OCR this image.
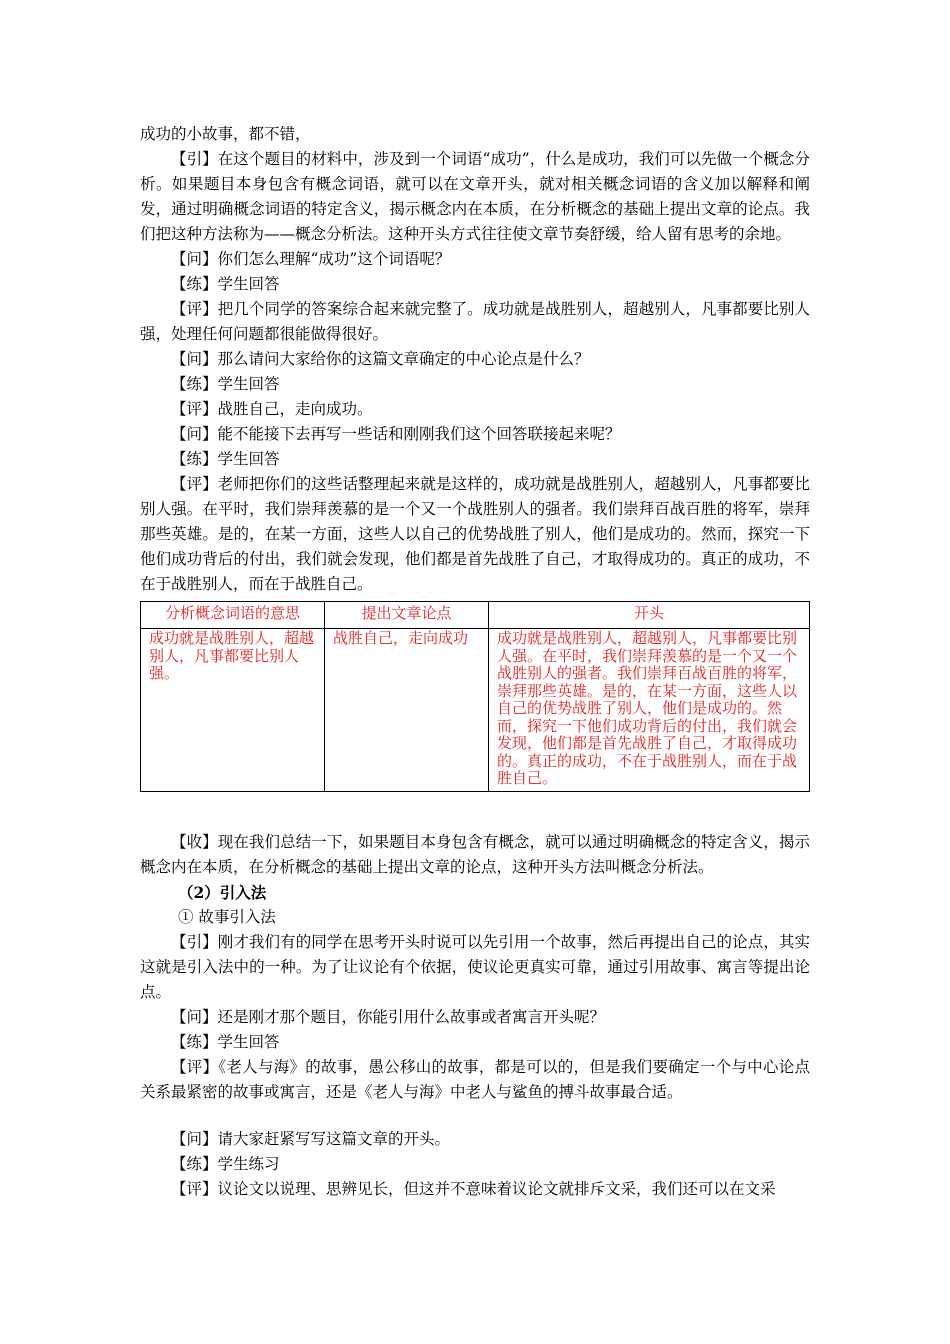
成功的小故事，都不错，

【引】在这个题目的材料中，涉及到一个词语“成功”，什么是成功，我们可以先做一个概念分析。如果题目本身包含有概念词语，就可以在文章开头，就对相关概念词语的含义加以解释和阐发，通过明确概念词语的特定含义，揭示概念内在本质，在分析概念的基础上提出文章的论点。我们把这种方法称为——概念分析法。这种开头方式往往使文章节奏舒缓，给人留有思考的余地。

【问】你们怎么理解“成功”这个词语呢？

【练】学生回答

【评】把几个同学的答案综合起来就完整了。成功就是战胜别人，超越别人，凡事都要比别人强，处理任何问题都很能做得很好。

【问】那么请问大家给你的这篇文章确定的中心论点是什么？

【练】学生回答

【评】战胜自己，走向成功。

【问】能不能接下去再写一些话和刚刚我们这个回答联接起来呢？

【练】学生回答

【评】老师把你们的这些话整理起来就是这样的，成功就是战胜别人，超越别人，凡事都要比别人强。在平时，我们崇拜羡慕的是一个又一个战胜别人的强者。我们崇拜百战百胜的将军，崇拜那些英雄。是的，在某一方面，这些人以自己的优势战胜了别人，他们是成功的。然而，探究一下他们成功背后的付出，我们就会发现，他们都是首先战胜了自己，才取得成功的。真正的成功，不在于战胜别人，而在于战胜自己。

分析概念词语的意思	提出文章论点	开头
成功就是战胜别人，超越别人，凡事都要比别人强。	战胜自己，走向成功	成功就是战胜别人，超越别人，凡事都要比别人强。在平时，我们崇拜羡慕的是一个又一个战胜别人的强者。我们崇拜百战百胜的将军，崇拜那些英雄。是的，在某一方面，这些人以自己的优势战胜了别人，他们是成功的。然而，探究一下他们成功背后的付出，我们就会发现，他们都是首先战胜了自己，才取得成功的。真正的成功，不在于战胜别人，而在于战胜自己。

【收】现在我们总结一下，如果题目本身包含有概念，就可以通过明确概念的特定含义，揭示概念内在本质，在分析概念的基础上提出文章的论点，这种开头方法叫概念分析法。

（2）引入法

① 故事引入法

【引】刚才我们有的同学在思考开头时说可以先引用一个故事，然后再提出自己的论点，其实这就是引入法中的一种。为了让议论有个依据，使议论更真实可靠，通过引用故事、寓言等提出论点。

【问】还是刚才那个题目，你能引用什么故事或者寓言开头呢？

【练】学生回答

【评】《老人与海》的故事，愚公移山的故事，都是可以的，但是我们要确定一个与中心论点关系最紧密的故事或寓言，还是《老人与海》中老人与鲨鱼的搏斗故事最合适。

【问】请大家赶紧写写这篇文章的开头。

【练】学生练习

【评】议论文以说理、思辨见长，但这并不意味着议论文就排斥文采，我们还可以在文采
